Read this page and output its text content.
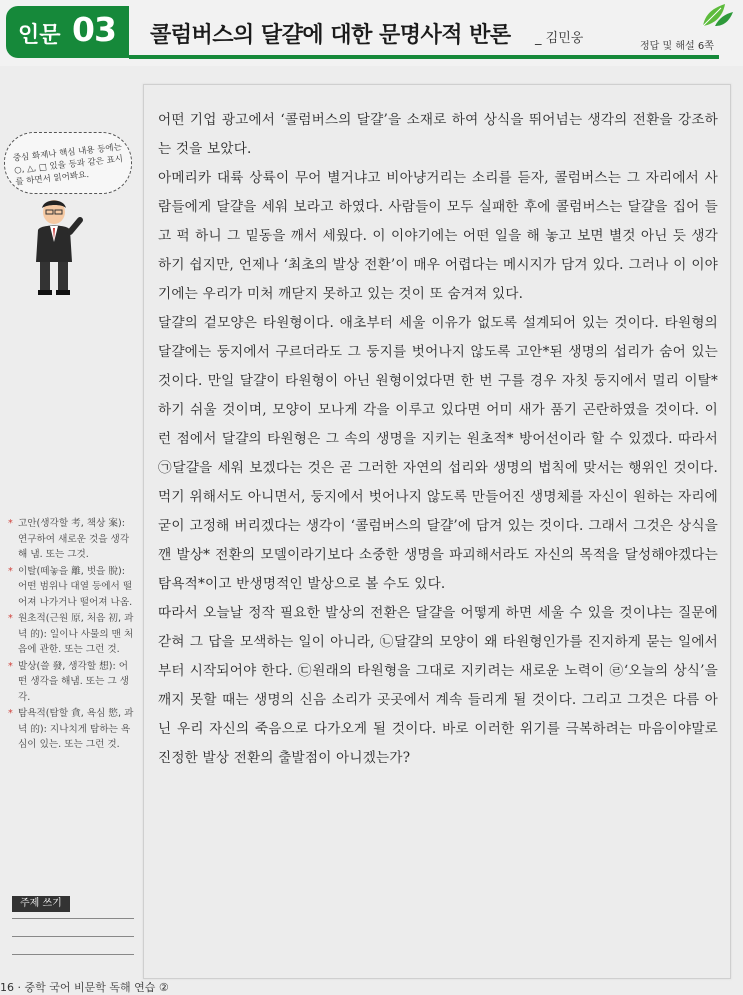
인문 03 콜럼버스의 달걀에 대한 문명사적 반론 _ 김민웅
정답 및 해설 6쪽
중심 화제나 핵심 내용 등에는 ○, △, □ 있을 등과 같은 표시를 하면서 읽어봐요.
* 고안(생각할 考, 책상 案): 연구하여 새로운 것을 생각해 냄. 또는 그것.
* 이탈(떼놓을 離, 벗을 脫): 어떤 범위나 대열 등에서 떨어져 나가거나 떨어져 나옴.
* 원초적(근원 原, 처음 初, 과녁 的): 일이나 사물의 맨 처음에 관한. 또는 그런 것.
* 발상(쓸 發, 생각할 想): 어떤 생각을 해냄. 또는 그 생각.
* 탐욕적(탐할 貪, 욕심 慾, 과녁 的): 지나치게 탐하는 욕심이 있는. 또는 그런 것.
주제 쓰기

어떤 기업 광고에서 ‘콜럼버스의 달걀’을 소재로 하여 상식을 뛰어넘는 생각의 전환을 강조하는 것을 보았다.

아메리카 대륙 상륙이 무어 별거냐고 비아냥거리는 소리를 듣자, 콜럼버스는 그 자리에서 사람들에게 달걀을 세워 보라고 하였다. 사람들이 모두 실패한 후에 콜럼버스는 달걀을 집어 들고 퍽 하니 그 밑동을 깨서 세웠다. 이 이야기에는 어떤 일을 해 놓고 보면 별것 아닌 듯 생각하기 쉽지만, 언제나 ‘최초의 발상 전환’이 매우 어렵다는 메시지가 담겨 있다. 그러나 이 이야기에는 우리가 미처 깨닫지 못하고 있는 것이 또 숨겨져 있다.

달걀의 겉모양은 타원형이다. 애초부터 세울 이유가 없도록 설계되어 있는 것이다. 타원형의 달걀에는 둥지에서 구르더라도 그 둥지를 벗어나지 않도록 고안*된 생명의 섭리가 숨어 있는 것이다. 만일 달걀이 타원형이 아닌 원형이었다면 한 번 구를 경우 자칫 둥지에서 멀리 이탈*하기 쉬울 것이며, 모양이 모나게 각을 이루고 있다면 어미 새가 품기 곤란하였을 것이다. 이런 점에서 달걀의 타원형은 그 속의 생명을 지키는 원초적* 방어선이라 할 수 있겠다. 따라서 ㉠달걀을 세워 보겠다는 것은 곧 그러한 자연의 섭리와 생명의 법칙에 맞서는 행위인 것이다. 먹기 위해서도 아니면서, 둥지에서 벗어나지 않도록 만들어진 생명체를 자신이 원하는 자리에 굳이 고정해 버리겠다는 생각이 ‘콜럼버스의 달걀’에 담겨 있는 것이다. 그래서 그것은 상식을 깬 발상* 전환의 모델이라기보다 소중한 생명을 파괴해서라도 자신의 목적을 달성해야겠다는 탐욕적*이고 반생명적인 발상으로 볼 수도 있다.

따라서 오늘날 정작 필요한 발상의 전환은 달걀을 어떻게 하면 세울 수 있을 것이냐는 질문에 갇혀 그 답을 모색하는 일이 아니라, ㉡달걀의 모양이 왜 타원형인가를 진지하게 묻는 일에서부터 시작되어야 한다. ㉢원래의 타원형을 그대로 지키려는 새로운 노력이 ㉣‘오늘의 상식’을 깨지 못할 때는 생명의 신음 소리가 곳곳에서 계속 들리게 될 것이다. 그리고 그것은 다름 아닌 우리 자신의 죽음으로 다가오게 될 것이다. 바로 이러한 위기를 극복하려는 마음이야말로 진정한 발상 전환의 출발점이 아니겠는가?

16 · 중학 국어 비문학 독해 연습 ②
